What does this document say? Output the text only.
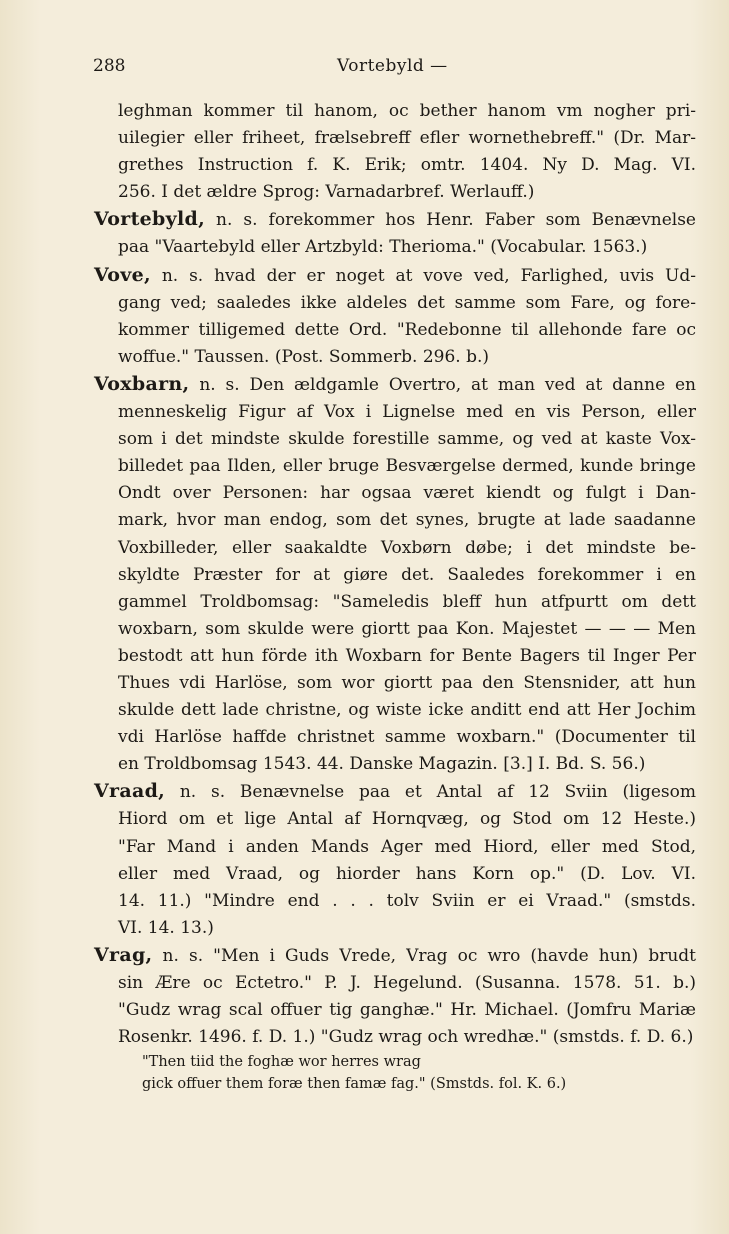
288	Vortebyld —
leghman kommer til hanom, oc bether hanom vm nogher pri-
uilegier eller friheet, frælsebreff efler wornethebreff." (Dr. Mar-
grethes Instruction f. K. Erik; omtr. 1404. Ny D. Mag. VI.
256. I det ældre Sprog: Varnadarbref. Werlauff.)
Vortebyld, n. s. forekommer hos Henr. Faber som Benævnelse
paa "Vaartebyld eller Artzbyld: Therioma." (Vocabular. 1563.)
Vove, n. s. hvad der er noget at vove ved, Farlighed, uvis Ud-
gang ved; saaledes ikke aldeles det samme som Fare, og fore-
kommer tilligemed dette Ord. "Redebonne til allehonde fare oc
woffue." Taussen. (Post. Sommerb. 296. b.)
Voxbarn, n. s. Den ældgamle Overtro, at man ved at danne en
menneskelig Figur af Vox i Lignelse med en vis Person, eller
som i det mindste skulde forestille samme, og ved at kaste Vox-
billedet paa Ilden, eller bruge Besværgelse dermed, kunde bringe
Ondt over Personen: har ogsaa været kiendt og fulgt i Dan-
mark, hvor man endog, som det synes, brugte at lade saadanne
Voxbilleder, eller saakaldte Voxbørn døbe; i det mindste be-
skyldte Præster for at giøre det. Saaledes forekommer i en
gammel Troldbomsag: "Sameledis bleff hun atfpurtt om dett
woxbarn, som skulde were giortt paa Kon. Majestet — — — Men
bestodt att hun förde ith Woxbarn for Bente Bagers til Inger Per
Thues vdi Harlöse, som wor giortt paa den Stensnider, att hun
skulde dett lade christne, og wiste icke anditt end att Her Jochim
vdi Harlöse haffde christnet samme woxbarn." (Documenter til
en Troldbomsag 1543. 44. Danske Magazin. [3.] I. Bd. S. 56.)
Vraad, n. s. Benævnelse paa et Antal af 12 Sviin (ligesom
Hiord om et lige Antal af Hornqvæg, og Stod om 12 Heste.)
"Far Mand i anden Mands Ager med Hiord, eller med Stod,
eller med Vraad, og hiorder hans Korn op." (D. Lov. VI.
14. 11.) "Mindre end . . . tolv Sviin er ei Vraad." (smstds.
VI. 14. 13.)
Vrag, n. s. "Men i Guds Vrede, Vrag oc wro (havde hun) brudt
sin Ære oc Ectetro." P. J. Hegelund. (Susanna. 1578. 51. b.)
"Gudz wrag scal offuer tig ganghæ." Hr. Michael. (Jomfru Mariæ
Rosenkr. 1496. f. D. 1.) "Gudz wrag och wredhæ." (smstds. f. D. 6.)
"Then tiid the foghæ wor herres wrag
gick offuer them foræ then famæ fag." (Smstds. fol. K. 6.)
